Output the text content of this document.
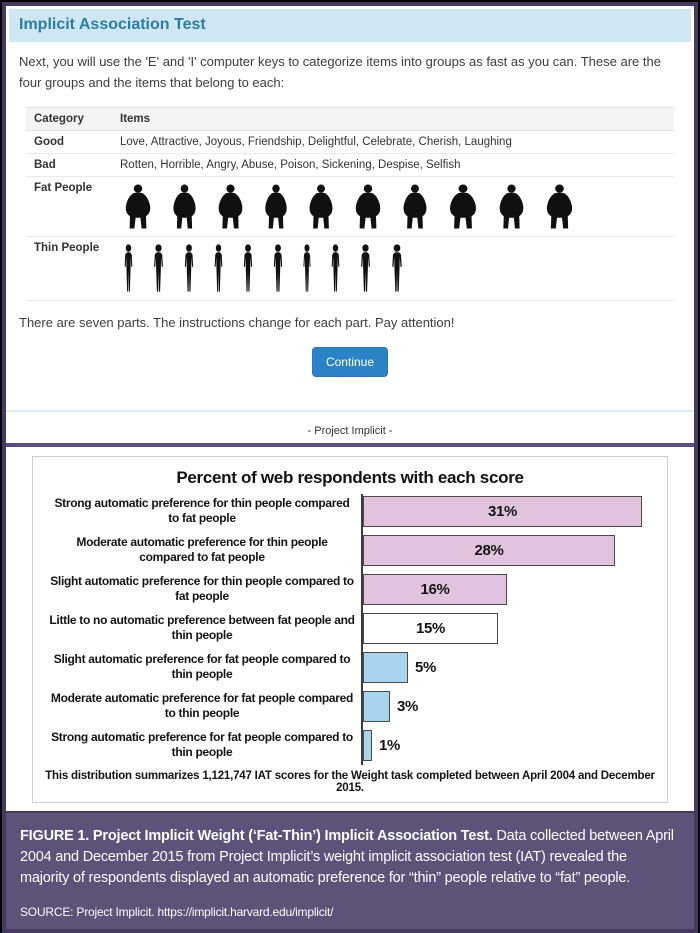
Implicit Association Test

Next, you will use the 'E' and 'I' computer keys to categorize items into groups as fast as you can. These are the four groups and the items that belong to each:

Category	Items
Good	Love, Attractive, Joyous, Friendship, Delightful, Celebrate, Cherish, Laughing
Bad	Rotten, Horrible, Angry, Abuse, Poison, Sickening, Despise, Selfish
Fat People	

Thin People	

There are seven parts. The instructions change for each part. Pay attention!

Continue
- Project Implicit -
Percent of web respondents with each score
Strong automatic preference for thin people compared to fat people	31%
Moderate automatic preference for thin people compared to fat people	28%
Slight automatic preference for thin people compared to fat people	16%
Little to no automatic preference between fat people and thin people	15%
Slight automatic preference for fat people compared to thin people	5%
Moderate automatic preference for fat people compared to thin people	3%
Strong automatic preference for fat people compared to thin people	1%
This distribution summarizes 1,121,747 IAT scores for the Weight task completed between April 2004 and December 2015.

FIGURE 1. Project Implicit Weight (‘Fat-Thin’) Implicit Association Test. Data collected between April 2004 and December 2015 from Project Implicit’s weight implicit association test (IAT) revealed the majority of respondents displayed an automatic preference for “thin” people relative to “fat” people.

SOURCE: Project Implicit. https://implicit.harvard.edu/implicit/
